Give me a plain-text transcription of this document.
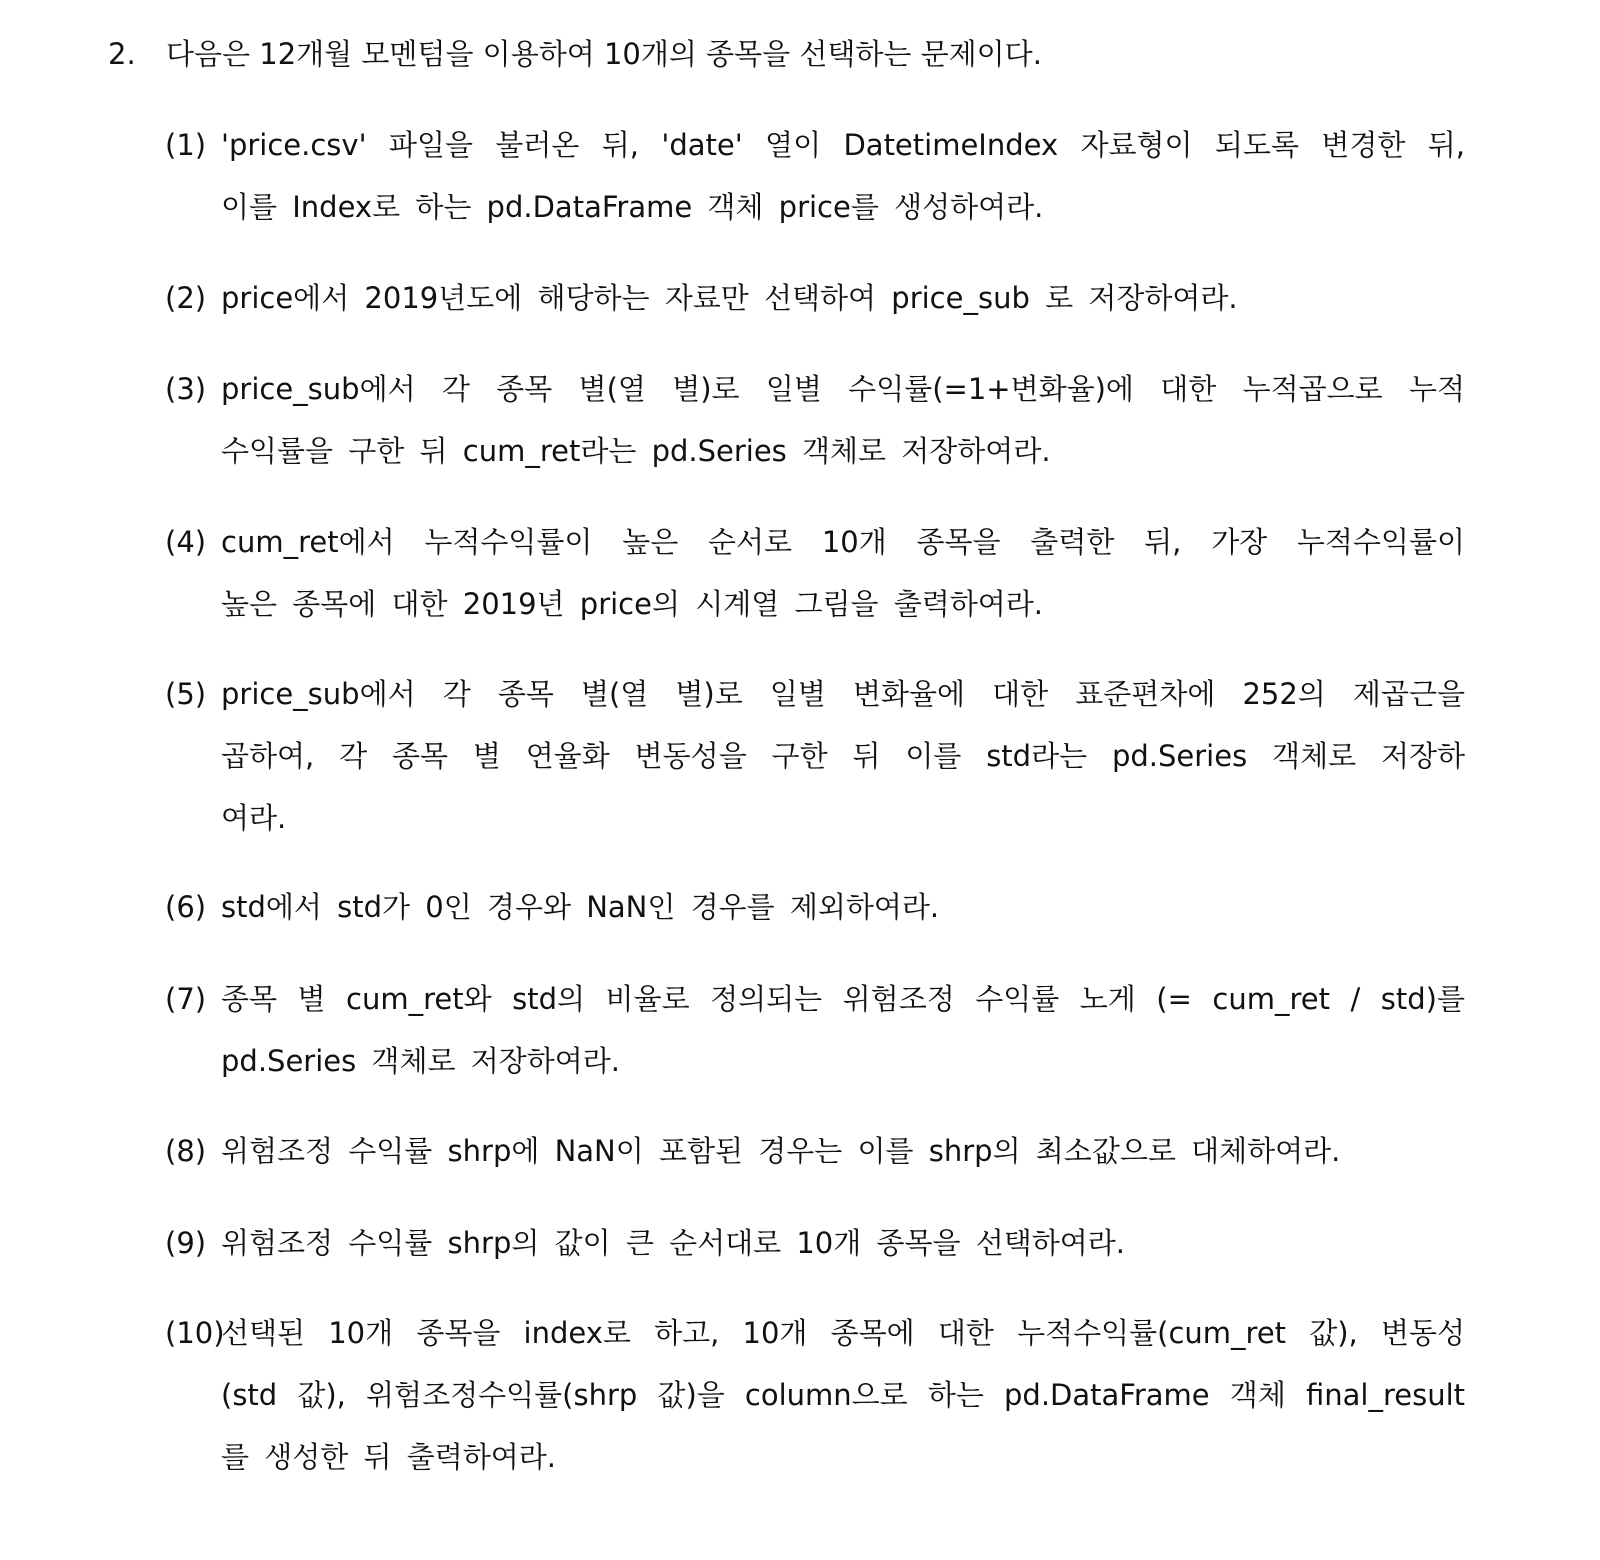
2. 다음은 12개월 모멘텀을 이용하여 10개의 종목을 선택하는 문제이다.
(1) 'price.csv' 파일을 불러온 뒤, 'date' 열이 DatetimeIndex 자료형이 되도록 변경한 뒤,
이를 Index로 하는 pd.DataFrame 객체 price를 생성하여라.
(2) price에서 2019년도에 해당하는 자료만 선택하여 price_sub 로 저장하여라.
(3) price_sub에서 각 종목 별(열 별)로 일별 수익률(=1+변화율)에 대한 누적곱으로 누적
수익률을 구한 뒤 cum_ret라는 pd.Series 객체로 저장하여라.
(4) cum_ret에서 누적수익률이 높은 순서로 10개 종목을 출력한 뒤, 가장 누적수익률이
높은 종목에 대한 2019년 price의 시계열 그림을 출력하여라.
(5) price_sub에서 각 종목 별(열 별)로 일별 변화율에 대한 표준편차에 252의 제곱근을
곱하여, 각 종목 별 연율화 변동성을 구한 뒤 이를 std라는 pd.Series 객체로 저장하
여라.
(6) std에서 std가 0인 경우와 NaN인 경우를 제외하여라.
(7) 종목 별 cum_ret와 std의 비율로 정의되는 위험조정 수익률 노게 (= cum_ret / std)를
pd.Series 객체로 저장하여라.
(8) 위험조정 수익률 shrp에 NaN이 포함된 경우는 이를 shrp의 최소값으로 대체하여라.
(9) 위험조정 수익률 shrp의 값이 큰 순서대로 10개 종목을 선택하여라.
(10)
선택된 10개 종목을 index로 하고, 10개 종목에 대한 누적수익률(cum_ret 값), 변동성
(std 값), 위험조정수익률(shrp 값)을 column으로 하는 pd.DataFrame 객체 final_result
를 생성한 뒤 출력하여라.
